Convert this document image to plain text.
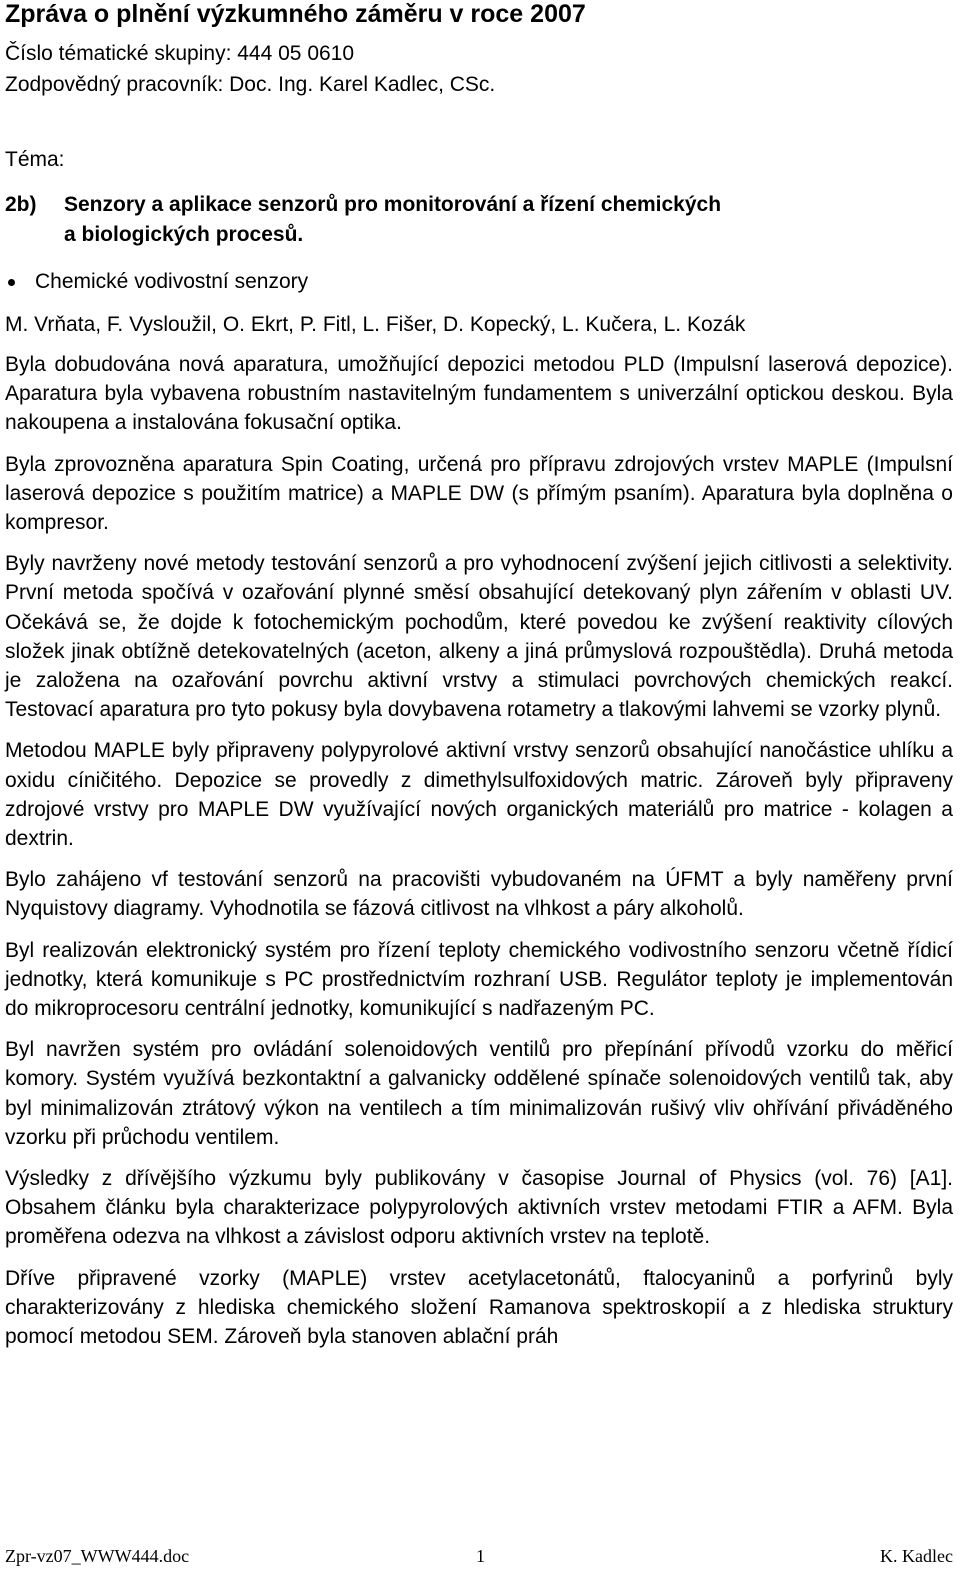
Zpráva o plnění výzkumného záměru v roce 2007

Číslo tématické skupiny: 444 05 0610

Zodpovědný pracovník: Doc. Ing. Karel Kadlec, CSc.

Téma:

2b)	Senzory a aplikace senzorů pro monitorování a řízení chemických
a biologických procesů.
Chemické vodivostní senzory
M. Vrňata, F. Vysloužil, O. Ekrt, P. Fitl, L. Fišer, D. Kopecký, L. Kučera, L. Kozák

Byla dobudována nová aparatura, umožňující depozici metodou PLD (Impulsní laserová depozice). Aparatura byla vybavena robustním nastavitelným fundamentem s univerzální optickou deskou. Byla nakoupena a instalována fokusační optika.

Byla zprovozněna aparatura Spin Coating, určená pro přípravu zdrojových vrstev MAPLE (Impulsní laserová depozice s použitím matrice) a MAPLE DW (s přímým psaním). Aparatura byla doplněna o kompresor.

Byly navrženy nové metody testování senzorů a pro vyhodnocení zvýšení jejich citlivosti a selektivity. První metoda spočívá v ozařování plynné směsí obsahující detekovaný plyn zářením v oblasti UV. Očekává se, že dojde k fotochemickým pochodům, které povedou ke zvýšení reaktivity cílových složek jinak obtížně detekovatelných (aceton, alkeny a jiná průmyslová rozpouštědla). Druhá metoda je založena na ozařování povrchu aktivní vrstvy a stimulaci povrchových chemických reakcí. Testovací aparatura pro tyto pokusy byla dovybavena rotametry a tlakovými lahvemi se vzorky plynů.

Metodou MAPLE byly připraveny polypyrolové aktivní vrstvy senzorů obsahující nanočástice uhlíku a oxidu cíničitého. Depozice se provedly z dimethylsulfoxidových matric. Zároveň byly připraveny zdrojové vrstvy pro MAPLE DW využívající nových organických materiálů pro matrice - kolagen a dextrin.

Bylo zahájeno vf testování senzorů na pracovišti vybudovaném na ÚFMT a byly naměřeny první Nyquistovy diagramy. Vyhodnotila se fázová citlivost na vlhkost a páry alkoholů.

Byl realizován elektronický systém pro řízení teploty chemického vodivostního senzoru včetně řídicí jednotky, která komunikuje s PC prostřednictvím rozhraní USB. Regulátor teploty je implementován do mikroprocesoru centrální jednotky, komunikující s nadřazeným PC.

Byl navržen systém pro ovládání solenoidových ventilů pro přepínání přívodů vzorku do měřicí komory. Systém využívá bezkontaktní a galvanicky oddělené spínače solenoidových ventilů tak, aby byl minimalizován ztrátový výkon na ventilech a tím minimalizován rušivý vliv ohřívání přiváděného vzorku při průchodu ventilem.

Výsledky z dřívějšího výzkumu byly publikovány v časopise Journal of Physics (vol. 76) [A1]. Obsahem článku byla charakterizace polypyrolových aktivních vrstev metodami FTIR a AFM. Byla proměřena odezva na vlhkost a závislost odporu aktivních vrstev na teplotě.

Dříve připravené vzorky (MAPLE) vrstev acetylacetonátů, ftalocyaninů a porfyrinů byly charakterizovány z hlediska chemického složení Ramanova spektroskopií a z hlediska struktury pomocí metodou SEM. Zároveň byla stanoven ablační práh

Zpr-vz07_WWW444.doc	1	K. Kadlec
